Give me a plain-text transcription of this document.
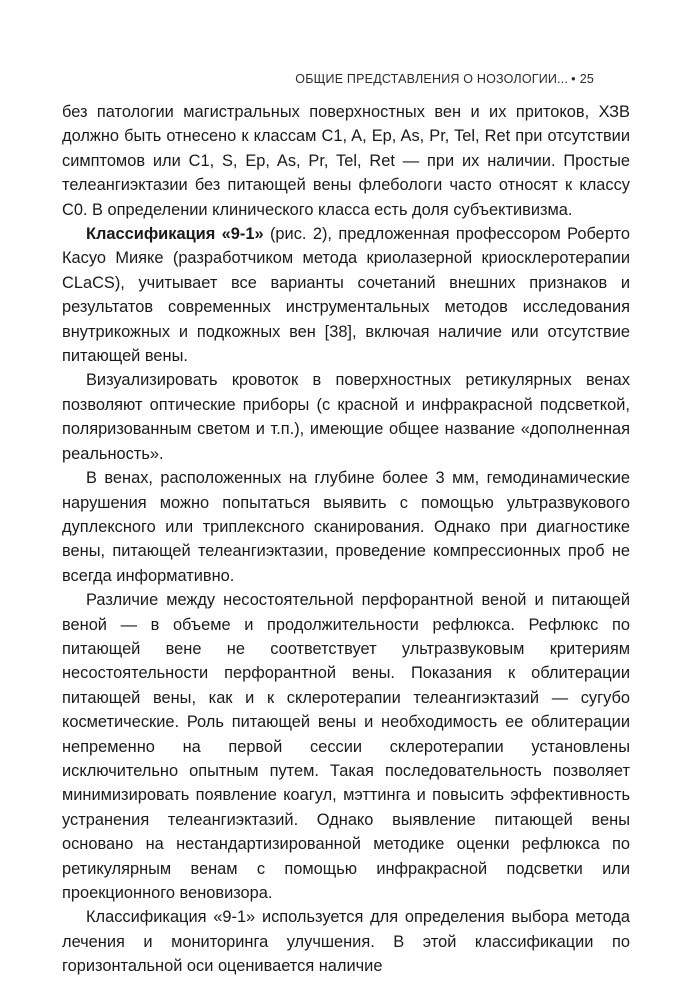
ОБЩИЕ ПРЕДСТАВЛЕНИЯ О НОЗОЛОГИИ... • 25

без патологии магистральных поверхностных вен и их притоков, ХЗВ должно быть отнесено к классам C1, A, Ep, As, Pr, Tel, Ret при отсутствии симптомов или C1, S, Ep, As, Pr, Tel, Ret — при их наличии. Простые телеангиэктазии без питающей вены флебологи часто относят к классу C0. В определении клинического класса есть доля субъективизма.

Классификация «9-1» (рис. 2), предложенная профессором Роберто Касуо Мияке (разработчиком метода криолазерной криосклеротерапии CLaCS), учитывает все варианты сочетаний внешних признаков и результатов современных инструментальных методов исследования внутрикожных и подкожных вен [38], включая наличие или отсутствие питающей вены.

Визуализировать кровоток в поверхностных ретикулярных венах позволяют оптические приборы (с красной и инфракрасной подсветкой, поляризованным светом и т.п.), имеющие общее название «дополненная реальность».

В венах, расположенных на глубине более 3 мм, гемодинамические нарушения можно попытаться выявить с помощью ультразвукового дуплексного или триплексного сканирования. Однако при диагностике вены, питающей телеангиэктазии, проведение компрессионных проб не всегда информативно.

Различие между несостоятельной перфорантной веной и питающей веной — в объеме и продолжительности рефлюкса. Рефлюкс по питающей вене не соответствует ультразвуковым критериям несостоятельности перфорантной вены. Показания к облитерации питающей вены, как и к склеротерапии телеангиэктазий — сугубо косметические. Роль питающей вены и необходимость ее облитерации непременно на первой сессии склеротерапии установлены исключительно опытным путем. Такая последовательность позволяет минимизировать появление коагул, мэттинга и повысить эффективность устранения телеангиэктазий. Однако выявление питающей вены основано на нестандартизированной методике оценки рефлюкса по ретикулярным венам с помощью инфракрасной подсветки или проекционного веновизора.

Классификация «9-1» используется для определения выбора метода лечения и мониторинга улучшения. В этой классификации по горизонтальной оси оценивается наличие
